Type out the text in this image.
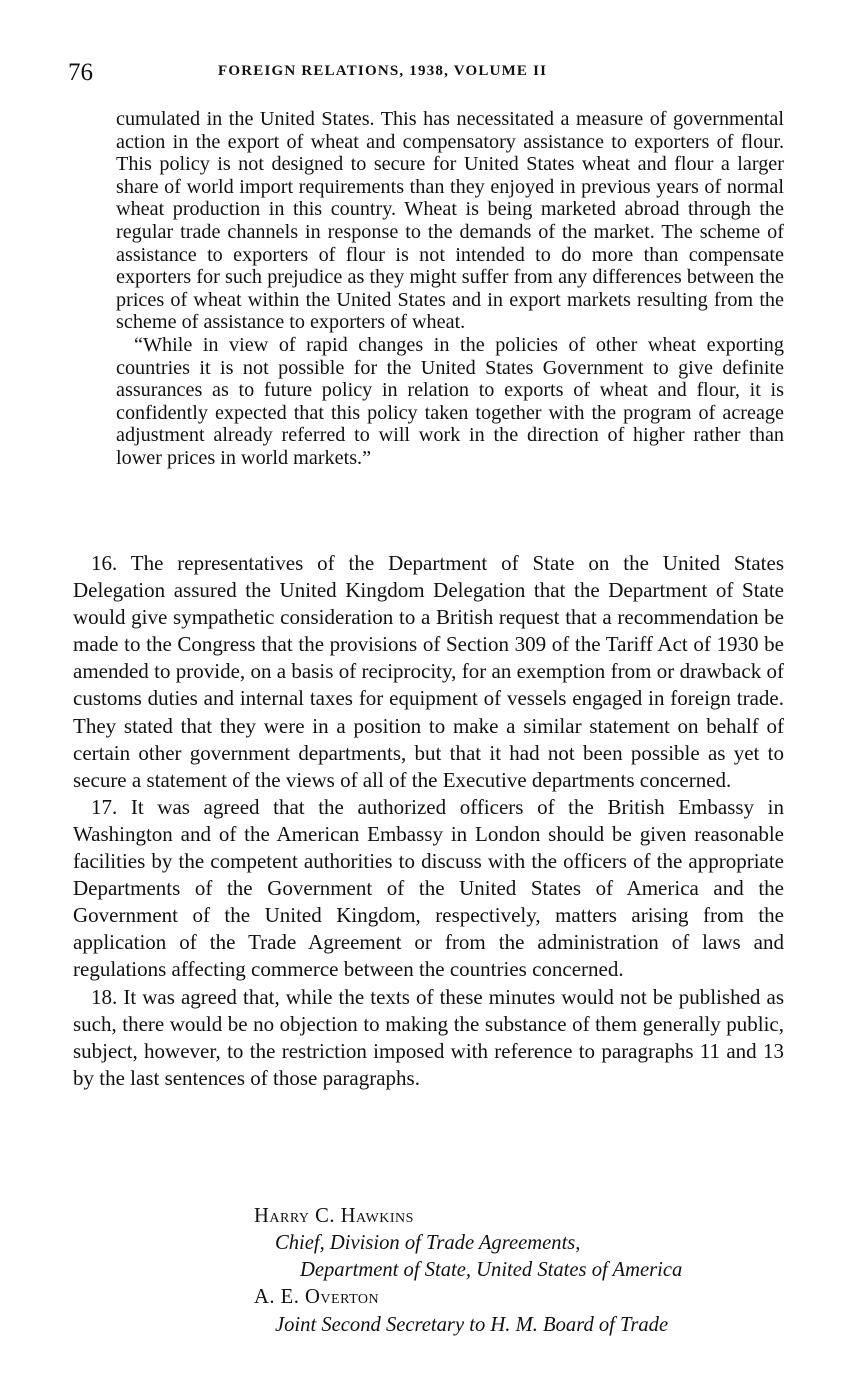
76	FOREIGN RELATIONS, 1938, VOLUME II

cumulated in the United States. This has necessitated a measure of governmental action in the export of wheat and compensatory assistance to exporters of flour. This policy is not designed to secure for United States wheat and flour a larger share of world import requirements than they enjoyed in previous years of normal wheat production in this country. Wheat is being marketed abroad through the regular trade channels in response to the demands of the market. The scheme of assistance to exporters of flour is not intended to do more than compensate exporters for such prejudice as they might suffer from any differences between the prices of wheat within the United States and in export markets resulting from the scheme of assistance to exporters of wheat.

“While in view of rapid changes in the policies of other wheat exporting countries it is not possible for the United States Government to give definite assurances as to future policy in relation to exports of wheat and flour, it is confidently expected that this policy taken together with the program of acreage adjustment already referred to will work in the direction of higher rather than lower prices in world markets.”

16. The representatives of the Department of State on the United States Delegation assured the United Kingdom Delegation that the Department of State would give sympathetic consideration to a British request that a recommendation be made to the Congress that the provisions of Section 309 of the Tariff Act of 1930 be amended to provide, on a basis of reciprocity, for an exemption from or drawback of customs duties and internal taxes for equipment of vessels engaged in foreign trade. They stated that they were in a position to make a similar statement on behalf of certain other government departments, but that it had not been possible as yet to secure a statement of the views of all of the Executive departments concerned.

17. It was agreed that the authorized officers of the British Embassy in Washington and of the American Embassy in London should be given reasonable facilities by the competent authorities to discuss with the officers of the appropriate Departments of the Government of the United States of America and the Government of the United Kingdom, respectively, matters arising from the application of the Trade Agreement or from the administration of laws and regulations affecting commerce between the countries concerned.

18. It was agreed that, while the texts of these minutes would not be published as such, there would be no objection to making the substance of them generally public, subject, however, to the restriction imposed with reference to paragraphs 11 and 13 by the last sentences of those paragraphs.

Harry C. Hawkins
Chief, Division of Trade Agreements,
Department of State, United States of America
A. E. Overton
Joint Second Secretary to H. M. Board of Trade
